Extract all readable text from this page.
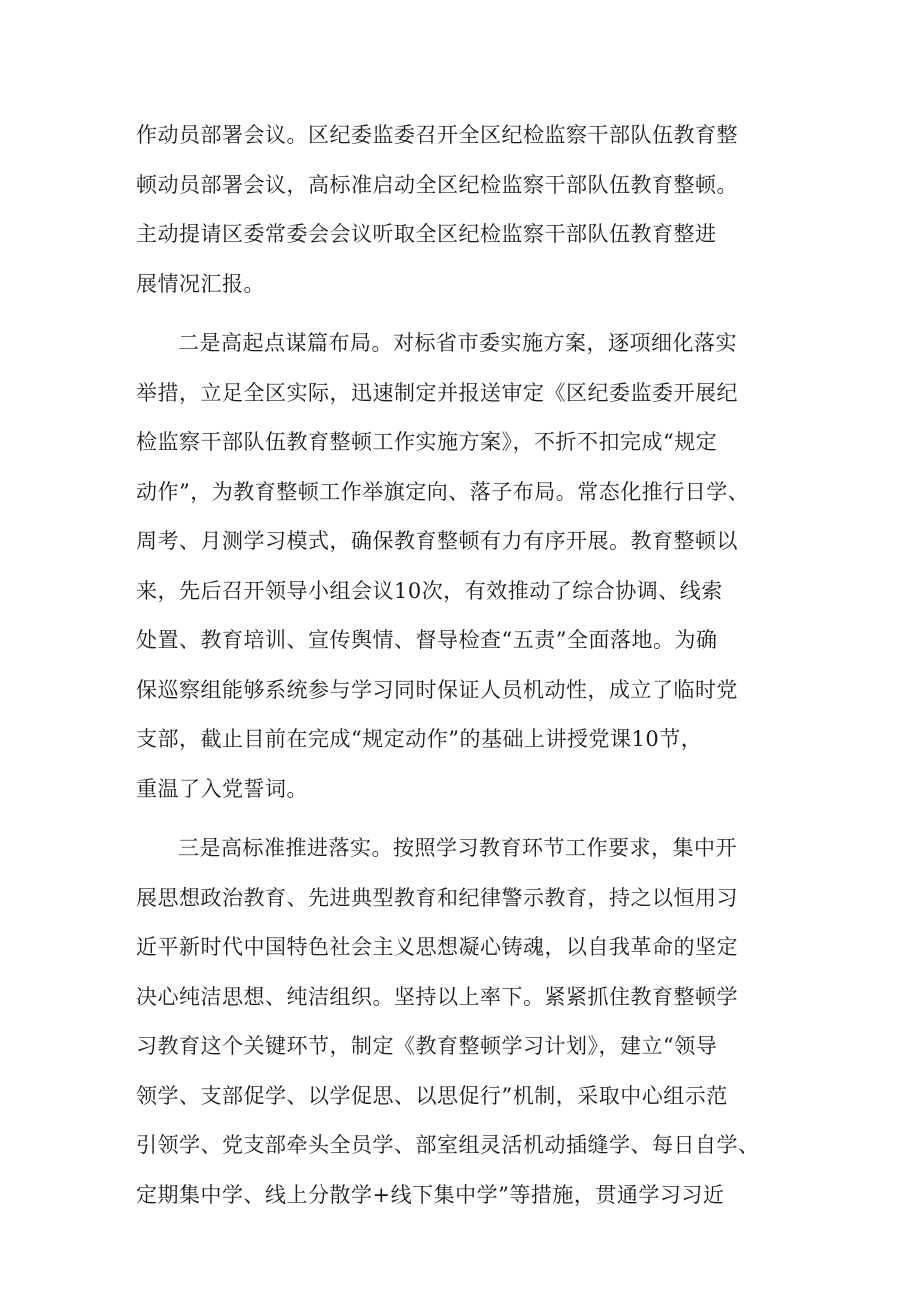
作动员部署会议。区纪委监委召开全区纪检监察干部队伍教育整
顿动员部署会议，高标准启动全区纪检监察干部队伍教育整顿。
主动提请区委常委会会议听取全区纪检监察干部队伍教育整进
展情况汇报。
二是高起点谋篇布局。对标省市委实施方案，逐项细化落实
举措，立足全区实际，迅速制定并报送审定《区纪委监委开展纪
检监察干部队伍教育整顿工作实施方案》，不折不扣完成“规定
动作”，为教育整顿工作举旗定向、落子布局。常态化推行日学、
周考、月测学习模式，确保教育整顿有力有序开展。教育整顿以
来，先后召开领导小组会议10次，有效推动了综合协调、线索
处置、教育培训、宣传舆情、督导检查“五责”全面落地。为确
保巡察组能够系统参与学习同时保证人员机动性，成立了临时党
支部，截止目前在完成“规定动作”的基础上讲授党课10节，
重温了入党誓词。
三是高标准推进落实。按照学习教育环节工作要求，集中开
展思想政治教育、先进典型教育和纪律警示教育，持之以恒用习
近平新时代中国特色社会主义思想凝心铸魂，以自我革命的坚定
决心纯洁思想、纯洁组织。坚持以上率下。紧紧抓住教育整顿学
习教育这个关键环节，制定《教育整顿学习计划》，建立“领导
领学、支部促学、以学促思、以思促行”机制，采取中心组示范
引领学、党支部牵头全员学、部室组灵活机动插缝学、每日自学、
定期集中学、线上分散学+线下集中学”等措施，贯通学习习近
